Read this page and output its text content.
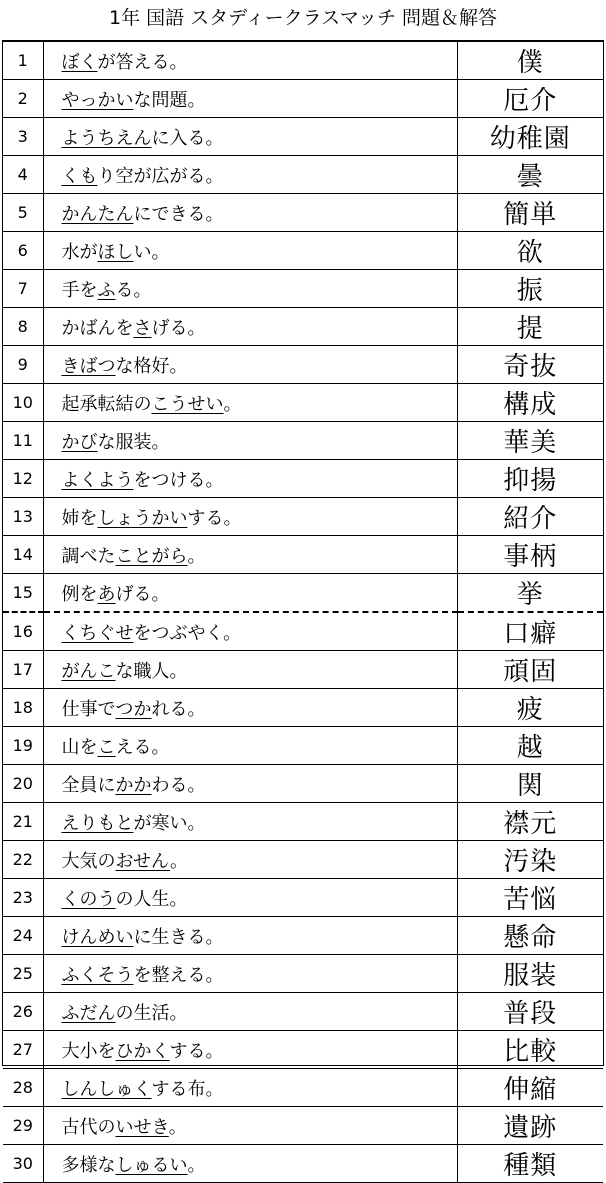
1年 国語 スタディークラスマッチ 問題＆解答
1	ぼくが答える。	僕
2	やっかいな問題。	厄介
3	ようちえんに入る。	幼稚園
4	くもり空が広がる。	曇
5	かんたんにできる。	簡単
6	水がほしい。	欲
7	手をふる。	振
8	かばんをさげる。	提
9	きばつな格好。	奇抜
10	起承転結のこうせい。	構成
11	かびな服装。	華美
12	よくようをつける。	抑揚
13	姉をしょうかいする。	紹介
14	調べたことがら。	事柄
15	例をあげる。	挙
16	くちぐせをつぶやく。	口癖
17	がんこな職人。	頑固
18	仕事でつかれる。	疲
19	山をこえる。	越
20	全員にかかわる。	関
21	えりもとが寒い。	襟元
22	大気のおせん。	汚染
23	くのうの人生。	苦悩
24	けんめいに生きる。	懸命
25	ふくそうを整える。	服装
26	ふだんの生活。	普段
27	大小をひかくする。	比較
28	しんしゅくする布。	伸縮
29	古代のいせき。	遺跡
30	多様なしゅるい。	種類
